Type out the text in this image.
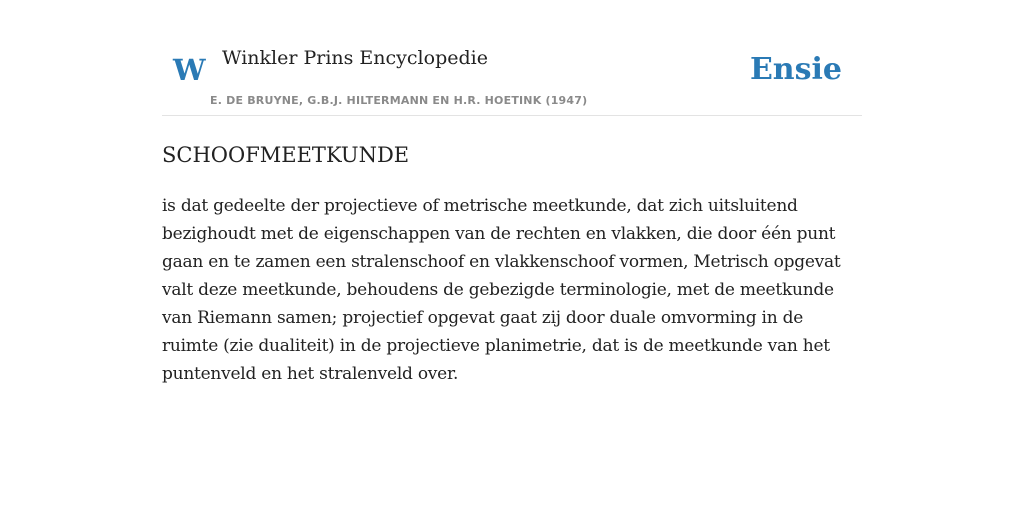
W Winkler Prins Encyclopedie
E. DE BRUYNE, G.B.J. HILTERMANN EN H.R. HOETINK (1947)
Ensie
SCHOOFMEETKUNDE

is dat gedeelte der projectieve of metrische meetkunde, dat zich uitsluitend bezighoudt met de eigenschappen van de rechten en vlakken, die door één punt gaan en te zamen een stralenschoof en vlakkenschoof vormen, Metrisch opgevat valt deze meetkunde, behoudens de gebezigde terminologie, met de meetkunde van Riemann samen; projectief opgevat gaat zij door duale omvorming in de ruimte (zie dualiteit) in de projectieve planimetrie, dat is de meetkunde van het puntenveld en het stralenveld over.
